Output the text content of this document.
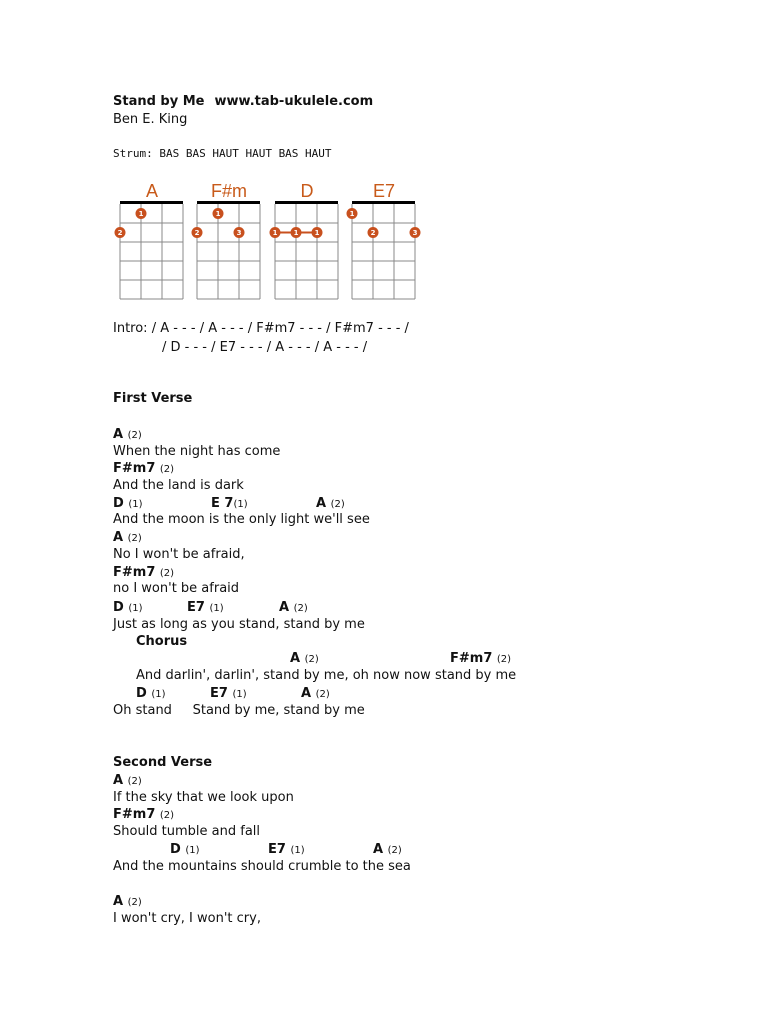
Stand by Me www.tab-ukulele.com
Ben E. King
Strum: BAS BAS HAUT HAUT BAS HAUT
A
1
2
F#m
1
2	3
D
1 1 1
E7
1
2	3
Intro: / A - - - / A - - - / F#m7 - - - / F#m7 - - - /
/ D - - - / E7 - - - / A - - - / A - - - /
First Verse
A (2)
When the night has come
F#m7 (2)
And the land is dark
D (1)	E 7(1)	A (2)
And the moon is the only light we'll see
A (2)
No I won't be afraid,
F#m7 (2)
no I won't be afraid
D (1)	E7 (1)	A (2)
Just as long as you stand, stand by me
Chorus
A (2)	F#m7 (2)
And darlin', darlin', stand by me, oh now now stand by me
D (1)	E7 (1)	A (2)
Oh stand     Stand by me, stand by me
Second Verse
A (2)
If the sky that we look upon
F#m7 (2)
Should tumble and fall
D (1)	E7 (1)	A (2)
And the mountains should crumble to the sea
A (2)
I won't cry, I won't cry,
